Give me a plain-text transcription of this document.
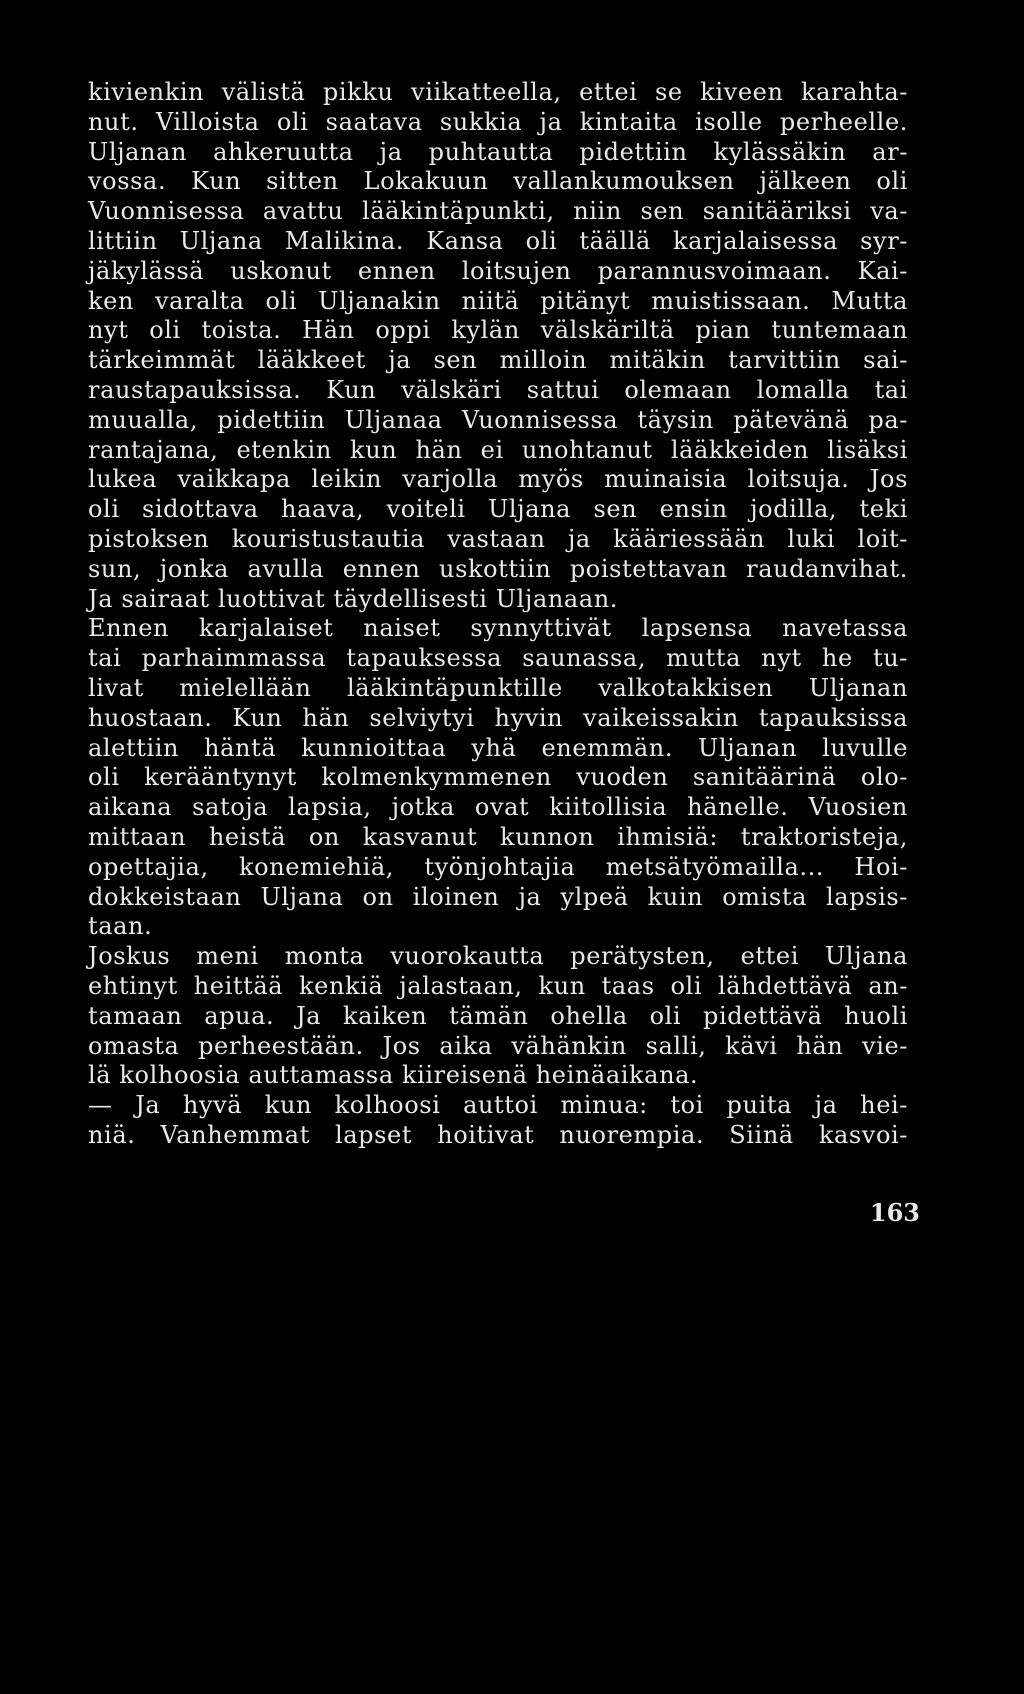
kivienkin välistä pikku viikatteella, ettei se kiveen karahta-
nut. Villoista oli saatava sukkia ja kintaita isolle perheelle.
Uljanan ahkeruutta ja puhtautta pidettiin kylässäkin ar-
vossa. Kun sitten Lokakuun vallankumouksen jälkeen oli
Vuonnisessa avattu lääkintäpunkti, niin sen sanitääriksi va-
littiin Uljana Malikina. Kansa oli täällä karjalaisessa syr-
jäkylässä uskonut ennen loitsujen parannusvoimaan. Kai-
ken varalta oli Uljanakin niitä pitänyt muistissaan. Mutta
nyt oli toista. Hän oppi kylän välskäriltä pian tuntemaan
tärkeimmät lääkkeet ja sen milloin mitäkin tarvittiin sai-
raustapauksissa. Kun välskäri sattui olemaan lomalla tai
muualla, pidettiin Uljanaa Vuonnisessa täysin pätevänä pa-
rantajana, etenkin kun hän ei unohtanut lääkkeiden lisäksi
lukea vaikkapa leikin varjolla myös muinaisia loitsuja. Jos
oli sidottava haava, voiteli Uljana sen ensin jodilla, teki
pistoksen kouristustautia vastaan ja kääriessään luki loit-
sun, jonka avulla ennen uskottiin poistettavan raudanvihat.
Ja sairaat luottivat täydellisesti Uljanaan.
Ennen karjalaiset naiset synnyttivät lapsensa navetassa
tai parhaimmassa tapauksessa saunassa, mutta nyt he tu-
livat mielellään lääkintäpunktille valkotakkisen Uljanan
huostaan. Kun hän selviytyi hyvin vaikeissakin tapauksissa
alettiin häntä kunnioittaa yhä enemmän. Uljanan luvulle
oli kerääntynyt kolmenkymmenen vuoden sanitäärinä olo-
aikana satoja lapsia, jotka ovat kiitollisia hänelle. Vuosien
mittaan heistä on kasvanut kunnon ihmisiä: traktoristeja,
opettajia, konemiehiä, työnjohtajia metsätyömailla... Hoi-
dokkeistaan Uljana on iloinen ja ylpeä kuin omista lapsis-
taan.
Joskus meni monta vuorokautta perätysten, ettei Uljana
ehtinyt heittää kenkiä jalastaan, kun taas oli lähdettävä an-
tamaan apua. Ja kaiken tämän ohella oli pidettävä huoli
omasta perheestään. Jos aika vähänkin salli, kävi hän vie-
lä kolhoosia auttamassa kiireisenä heinäaikana.
— Ja hyvä kun kolhoosi auttoi minua: toi puita ja hei-
niä. Vanhemmat lapset hoitivat nuorempia. Siinä kasvoi-
163
